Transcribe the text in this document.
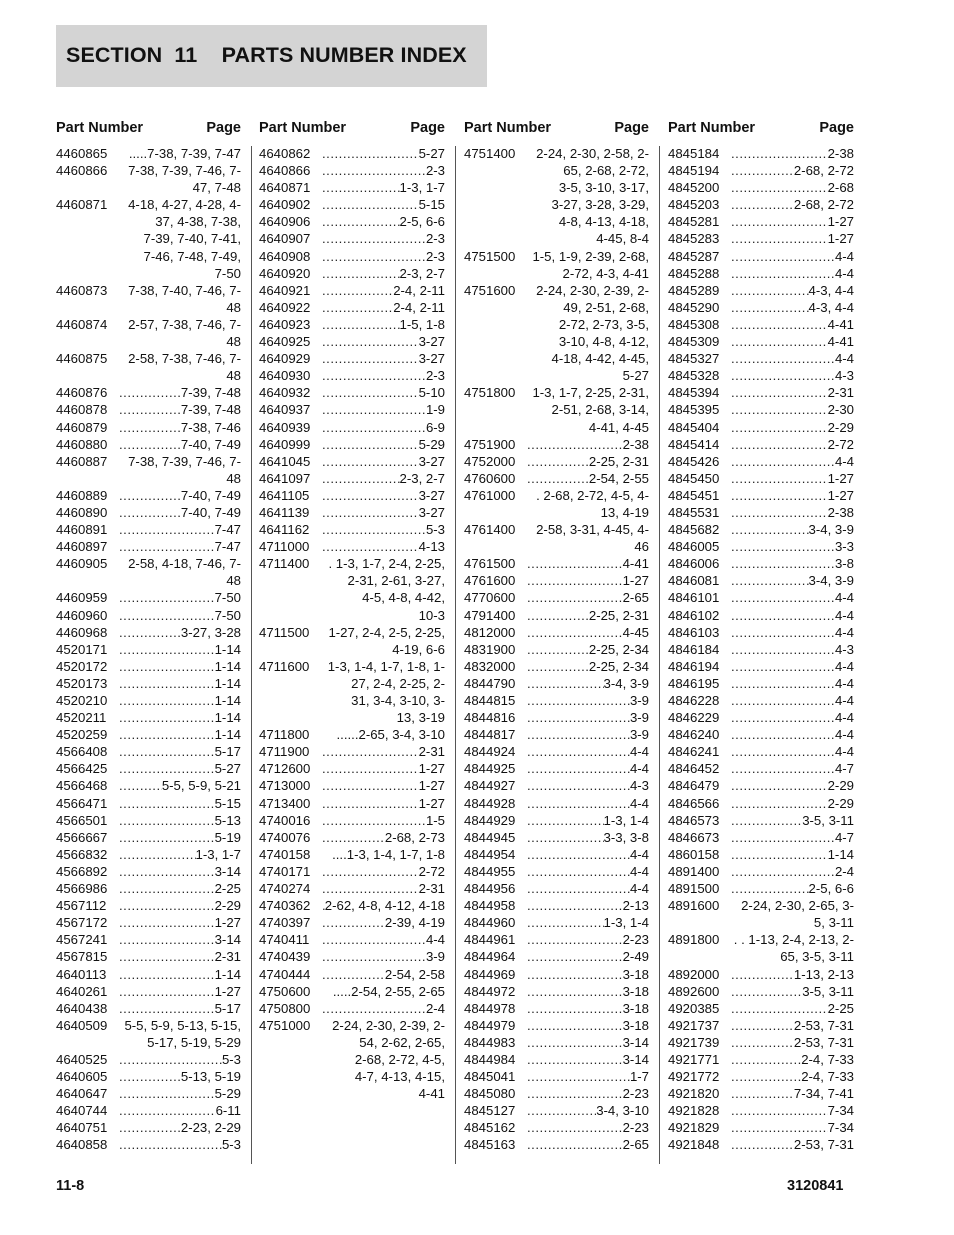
SECTION  11    PARTS NUMBER INDEX
Part Number	Page
4460865	..... 7-38, 7-39, 7-47
4460866	7-38, 7-39, 7-46, 7-
47, 7-48
4460871	4-18, 4-27, 4-28, 4-
37, 4-38, 7-38,
7-39, 7-40, 7-41,
7-46, 7-48, 7-49,
7-50
4460873	7-38, 7-40, 7-46, 7-
48
4460874	2-57, 7-38, 7-46, 7-
48
4460875	2-58, 7-38, 7-46, 7-
48
4460876 .....	7-39, 7-48
4460878 .....	7-39, 7-48
4460879 .....	7-38, 7-46
4460880 .....	7-40, 7-49
4460887	7-38, 7-39, 7-46, 7-
48
4460889 .....	7-40, 7-49
4460890 .....	7-40, 7-49
4460891 .....	7-47
4460897 .....	7-47
4460905	2-58, 4-18, 7-46, 7-
48
4460959 .....	7-50
4460960 .....	7-50
4460968 .....	3-27, 3-28
4520171 .....	1-14
4520172 .....	1-14
4520173 .....	1-14
4520210 .....	1-14
4520211 .....	1-14
4520259 .....	1-14
4566408 .....	5-17
4566425 .....	5-27
4566468 .....	5-5, 5-9, 5-21
4566471 .....	5-15
4566501 .....	5-13
4566667 .....	5-19
4566832 .....	1-3, 1-7
4566892 .....	3-14
4566986 .....	2-25
4567112 .....	2-29
4567172 .....	1-27
4567241 .....	3-14
4567815 .....	2-31
4640113 .....	1-14
4640261 .....	1-27
4640438 .....	5-17
4640509	5-5, 5-9, 5-13, 5-15,
5-17, 5-19, 5-29
4640525 .....	5-3
4640605 .....	5-13, 5-19
4640647 .....	5-29
4640744 .....	6-11
4640751 .....	2-23, 2-29
4640858 .....	5-3
Part Number	Page
4640862 .....	5-27
4640866 .....	2-3
4640871 .....	1-3, 1-7
4640902 .....	5-15
4640906 .....	2-5, 6-6
4640907 .....	2-3
4640908 .....	2-3
4640920 .....	2-3, 2-7
4640921 .....	2-4, 2-11
4640922 .....	2-4, 2-11
4640923 .....	1-5, 1-8
4640925 .....	3-27
4640929 .....	3-27
4640930 .....	2-3
4640932 .....	5-10
4640937 .....	1-9
4640939 .....	6-9
4640999 .....	5-29
4641045 .....	3-27
4641097 .....	2-3, 2-7
4641105 .....	3-27
4641139 .....	3-27
4641162 .....	5-3
4711000 .....	4-13
4711400	. 1-3, 1-7, 2-4, 2-25,
2-31, 2-61, 3-27,
4-5, 4-8, 4-42,
10-3
4711500	1-27, 2-4, 2-5, 2-25,
4-19, 6-6
4711600	1-3, 1-4, 1-7, 1-8, 1-
27, 2-4, 2-25, 2-
31, 3-4, 3-10, 3-
13, 3-19
4711800	...... 2-65, 3-4, 3-10
4711900 .....	2-31
4712600 .....	1-27
4713000 .....	1-27
4713400 .....	1-27
4740016 .....	1-5
4740076 .....	2-68, 2-73
4740158	.... 1-3, 1-4, 1-7, 1-8
4740171 .....	2-72
4740274 .....	2-31
4740362 .....	2-62, 4-8, 4-12, 4-18
4740397 .....	2-39, 4-19
4740411 .....	4-4
4740439 .....	3-9
4740444 .....	2-54, 2-58
4750600	..... 2-54, 2-55, 2-65
4750800 .....	2-4
4751000	2-24, 2-30, 2-39, 2-
54, 2-62, 2-65,
2-68, 2-72, 4-5,
4-7, 4-13, 4-15,
4-41
Part Number	Page
4751400	2-24, 2-30, 2-58, 2-
65, 2-68, 2-72,
3-5, 3-10, 3-17,
3-27, 3-28, 3-29,
4-8, 4-13, 4-18,
4-45, 8-4
4751500	1-5, 1-9, 2-39, 2-68,
2-72, 4-3, 4-41
4751600	2-24, 2-30, 2-39, 2-
49, 2-51, 2-68,
2-72, 2-73, 3-5,
3-10, 4-8, 4-12,
4-18, 4-42, 4-45,
5-27
4751800	1-3, 1-7, 2-25, 2-31,
2-51, 2-68, 3-14,
4-41, 4-45
4751900 .....	2-38
4752000 .....	2-25, 2-31
4760600 .....	2-54, 2-55
4761000	. 2-68, 2-72, 4-5, 4-
13, 4-19
4761400	2-58, 3-31, 4-45, 4-
46
4761500 .....	4-41
4761600 .....	1-27
4770600 .....	2-65
4791400 .....	2-25, 2-31
4812000 .....	4-45
4831900 .....	2-25, 2-34
4832000 .....	2-25, 2-34
4844790 .....	3-4, 3-9
4844815 .....	3-9
4844816 .....	3-9
4844817 .....	3-9
4844924 .....	4-4
4844925 .....	4-4
4844927 .....	4-3
4844928 .....	4-4
4844929 .....	1-3, 1-4
4844945 .....	3-3, 3-8
4844954 .....	4-4
4844955 .....	4-4
4844956 .....	4-4
4844958 .....	2-13
4844960 .....	1-3, 1-4
4844961 .....	2-23
4844964 .....	2-49
4844969 .....	3-18
4844972 .....	3-18
4844978 .....	3-18
4844979 .....	3-18
4844983 .....	3-14
4844984 .....	3-14
4845041 .....	1-7
4845080 .....	2-23
4845127 .....	3-4, 3-10
4845162 .....	2-23
4845163 .....	2-65
Part Number	Page
4845184 .....	2-38
4845194 .....	2-68, 2-72
4845200 .....	2-68
4845203 .....	2-68, 2-72
4845281 .....	1-27
4845283 .....	1-27
4845287 .....	4-4
4845288 .....	4-4
4845289 .....	4-3, 4-4
4845290 .....	4-3, 4-4
4845308 .....	4-41
4845309 .....	4-41
4845327 .....	4-4
4845328 .....	4-3
4845394 .....	2-31
4845395 .....	2-30
4845404 .....	2-29
4845414 .....	2-72
4845426 .....	4-4
4845450 .....	1-27
4845451 .....	1-27
4845531 .....	2-38
4845682 .....	3-4, 3-9
4846005 .....	3-3
4846006 .....	3-8
4846081 .....	3-4, 3-9
4846101 .....	4-4
4846102 .....	4-4
4846103 .....	4-4
4846184 .....	4-3
4846194 .....	4-4
4846195 .....	4-4
4846228 .....	4-4
4846229 .....	4-4
4846240 .....	4-4
4846241 .....	4-4
4846452 .....	4-7
4846479 .....	2-29
4846566 .....	2-29
4846573 .....	3-5, 3-11
4846673 .....	4-7
4860158 .....	1-14
4891400 .....	2-4
4891500 .....	2-5, 6-6
4891600	2-24, 2-30, 2-65, 3-
5, 3-11
4891800	. . 1-13, 2-4, 2-13, 2-
65, 3-5, 3-11
4892000 .....	1-13, 2-13
4892600 .....	3-5, 3-11
4920385 .....	2-25
4921737 .....	2-53, 7-31
4921739 .....	2-53, 7-31
4921771 .....	2-4, 7-33
4921772 .....	2-4, 7-33
4921820 .....	7-34, 7-41
4921828 .....	7-34
4921829 .....	7-34
4921848 .....	2-53, 7-31
11-8	3120841
